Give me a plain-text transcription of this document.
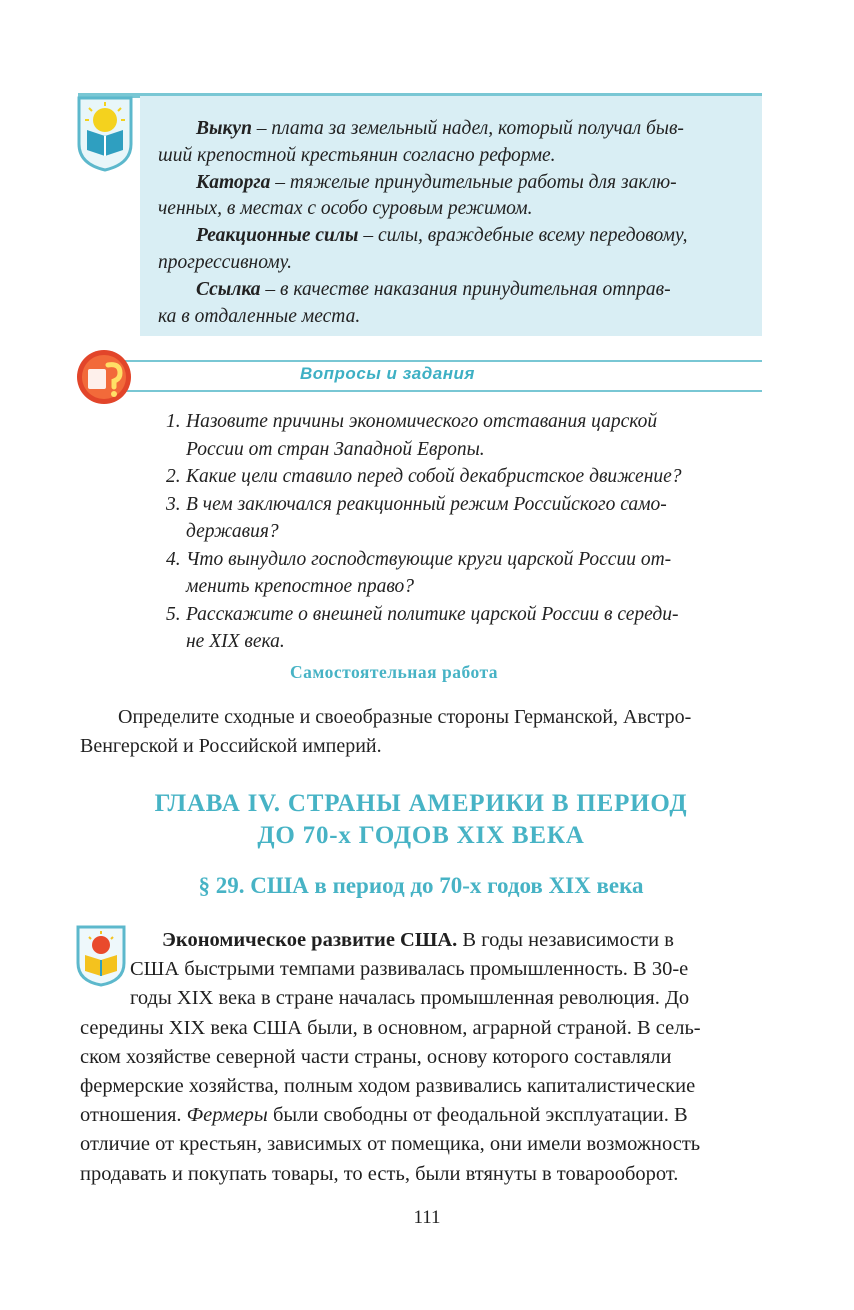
Выкуп – плата за земельный надел, который получал быв-

ший крепостной крестьянин согласно реформе.

Каторга – тяжелые принудительные работы для заклю-

ченных, в местах с особо суровым режимом.

Реакционные силы – силы, враждебные всему передовому,

прогрессивному.

Ссылка – в качестве наказания принудительная отправ-

ка в отдаленные места.

Вопросы и задания
1. Назовите причины экономического отставания царской
России от стран Западной Европы.
2. Какие цели ставило перед собой декабристское движение?
3. В чем заключался реакционный режим Российского само-
державия?
4. Что вынудило господствующие круги царской России от-
менить крепостное право?
5. Расскажите о внешней политике царской России в середи-
не XIX века.
Самостоятельная работа
Определите сходные и своеобразные стороны Германской, Австро-Венгерской и Российской империй.
ГЛАВА IV. СТРАНЫ АМЕРИКИ В ПЕРИОД
ДО 70-х ГОДОВ XIX ВЕКА
§ 29. США в период до 70-х годов XIX века
Экономическое развитие США. В годы независимости в
США быстрыми темпами развивалась промышленность. В 30-е
годы XIX века в стране началась промышленная революция. До
середины XIX века США были, в основном, аграрной страной. В сель-
ском хозяйстве северной части страны, основу которого составляли
фермерские хозяйства, полным ходом развивались капиталистические
отношения. Фермеры были свободны от феодальной эксплуатации. В
отличие от крестьян, зависимых от помещика, они имели возможность
продавать и покупать товары, то есть, были втянуты в товарооборот.
111
